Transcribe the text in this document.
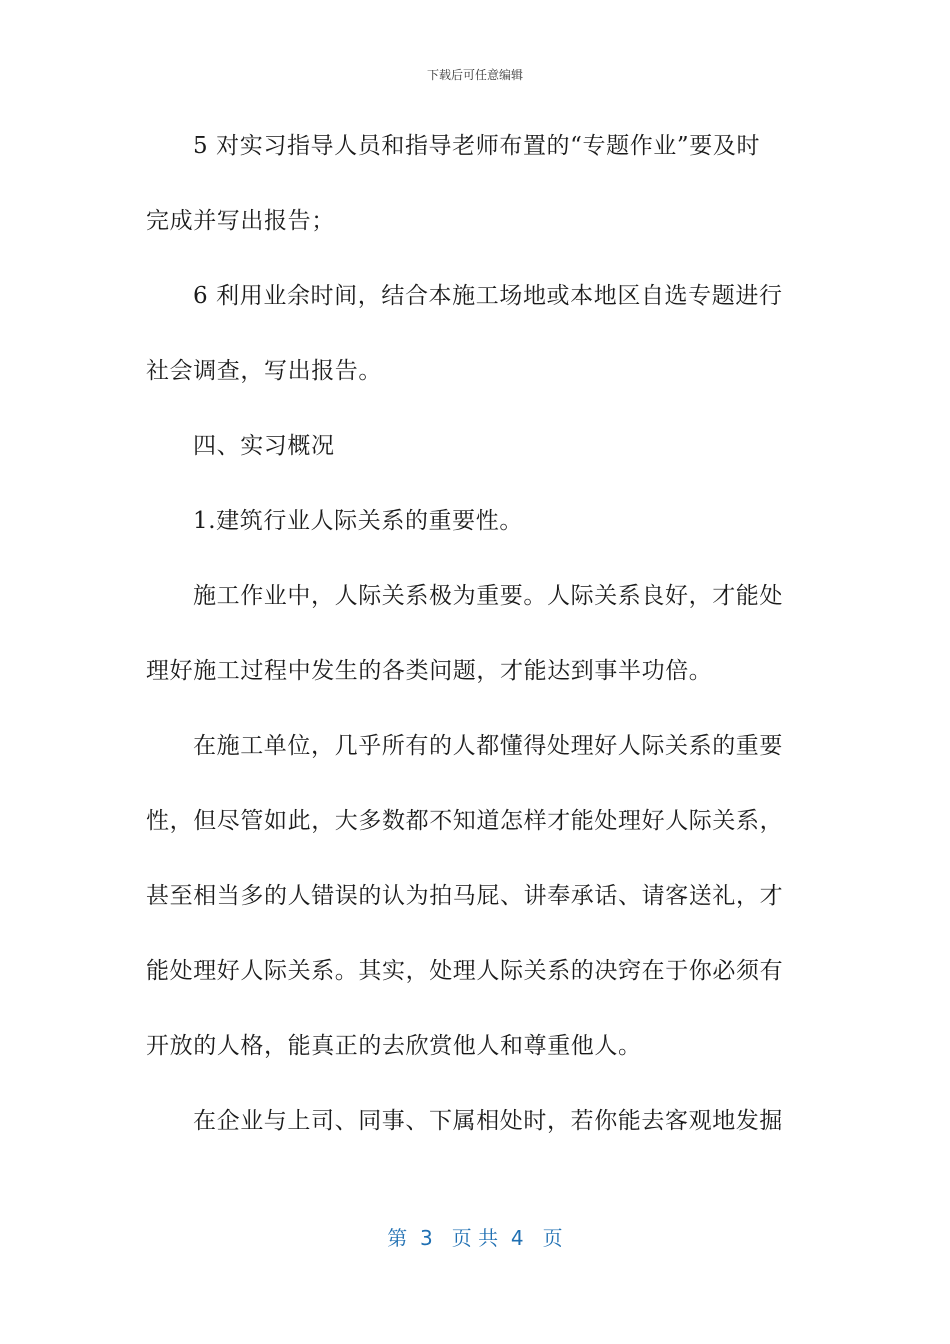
下载后可任意编辑
5 对实习指导人员和指导老师布置的“专题作业”要及时
完成并写出报告；
6 利用业余时间，结合本施工场地或本地区自选专题进行
社会调查，写出报告。
四、实习概况
1.建筑行业人际关系的重要性。
施工作业中，人际关系极为重要。人际关系良好，才能处
理好施工过程中发生的各类问题，才能达到事半功倍。
在施工单位，几乎所有的人都懂得处理好人际关系的重要
性，但尽管如此，大多数都不知道怎样才能处理好人际关系，
甚至相当多的人错误的认为拍马屁、讲奉承话、请客送礼，才
能处理好人际关系。其实，处理人际关系的决窍在于你必须有
开放的人格，能真正的去欣赏他人和尊重他人。
在企业与上司、同事、下属相处时，若你能去客观地发掘
第  3   页 共  4   页
